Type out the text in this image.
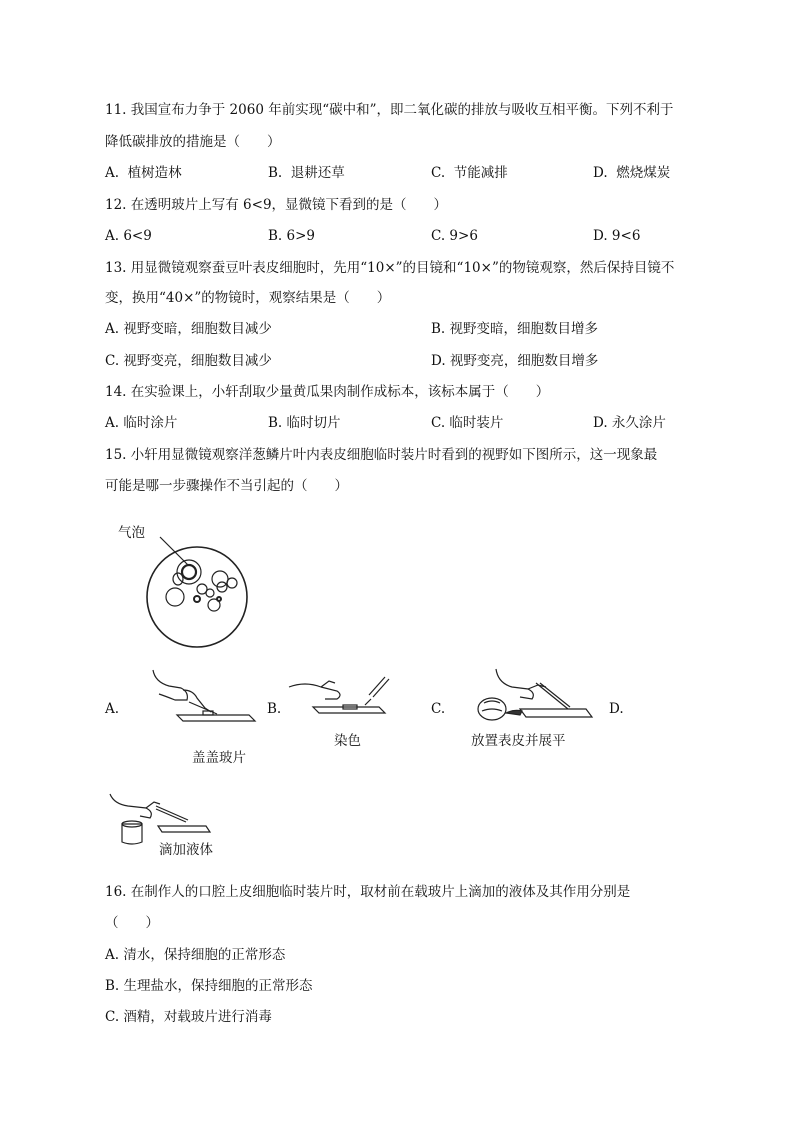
11. 我国宣布力争于 2060 年前实现“碳中和”，即二氧化碳的排放与吸收互相平衡。下列不利于
降低碳排放的措施是（　　）
A.  植树造林	B.  退耕还草	C.  节能减排	D.  燃烧煤炭
12. 在透明玻片上写有 6<9，显微镜下看到的是（　　）
A. 6<9	B. 6>9	C. 9>6	D. 9<6
13. 用显微镜观察蚕豆叶表皮细胞时，先用“10×”的目镜和“10×”的物镜观察，然后保持目镜不
变，换用“40×”的物镜时，观察结果是（　　）
A. 视野变暗，细胞数目减少	B. 视野变暗，细胞数目增多
C. 视野变亮，细胞数目减少	D. 视野变亮，细胞数目增多
14. 在实验课上，小轩刮取少量黄瓜果肉制作成标本，该标本属于（　　）
A. 临时涂片	B. 临时切片	C. 临时装片	D. 永久涂片
15. 小轩用显微镜观察洋葱鳞片叶内表皮细胞临时装片时看到的视野如下图所示，这一现象最
可能是哪一步骤操作不当引起的（　　）
气泡
A.
盖盖玻片
B.
染色
C.
放置表皮并展平
D.
滴加液体
16. 在制作人的口腔上皮细胞临时装片时，取材前在载玻片上滴加的液体及其作用分别是
（　　）
A. 清水，保持细胞的正常形态
B. 生理盐水，保持细胞的正常形态
C. 酒精，对载玻片进行消毒
